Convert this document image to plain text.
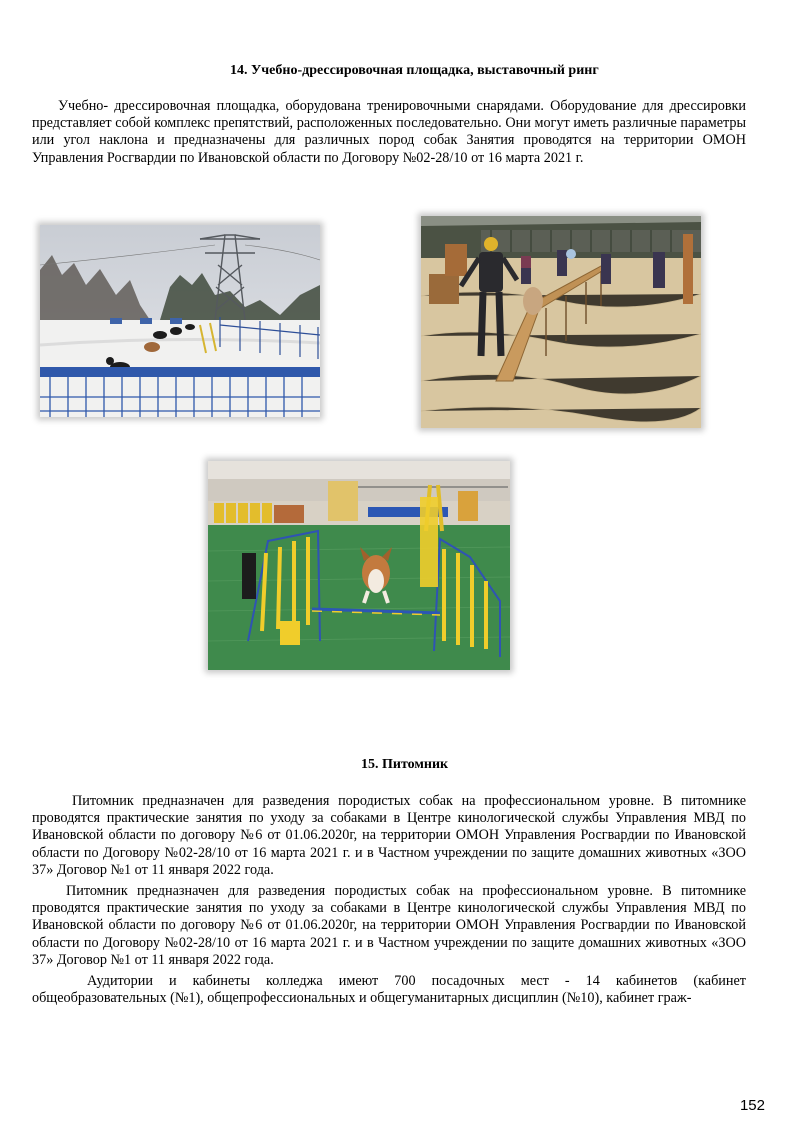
14. Учебно-дрессировочная площадка, выставочный ринг

Учебно- дрессировочная площадка, оборудована тренировочными снарядами. Оборудование для дрессировки представляет собой комплекс препятствий, расположенных последовательно. Они могут иметь различные параметры или угол наклона и предназначены для различных пород собак Занятия проводятся на территории ОМОН Управления Росгвардии по Ивановской области по Договору №02-28/10 от 16 марта 2021 г.

15. Питомник

Питомник предназначен для разведения породистых собак на профессиональном уровне. В питомнике проводятся практические занятия по уходу за собаками в Центре кинологической службы Управления МВД по Ивановской области по договору №6 от 01.06.2020г, на территории ОМОН Управления Росгвардии по Ивановской области по Договору №02-28/10 от 16 марта 2021 г. и в Частном учреждении по защите домашних животных «ЗОО 37» Договор №1 от 11 января 2022 года.

Питомник предназначен для разведения породистых собак на профессиональном уровне. В питомнике проводятся практические занятия по уходу за собаками в Центре кинологической службы Управления МВД по Ивановской области по договору №6 от 01.06.2020г, на территории ОМОН Управления Росгвардии по Ивановской области по Договору №02-28/10 от 16 марта 2021 г. и в Частном учреждении по защите домашних животных «ЗОО 37» Договор №1 от 11 января 2022 года.

Аудитории и кабинеты колледжа имеют 700 посадочных мест - 14 кабинетов (кабинет общеобразовательных (№1), общепрофессиональных и общегуманитарных дисциплин (№10), кабинет граж-

152
